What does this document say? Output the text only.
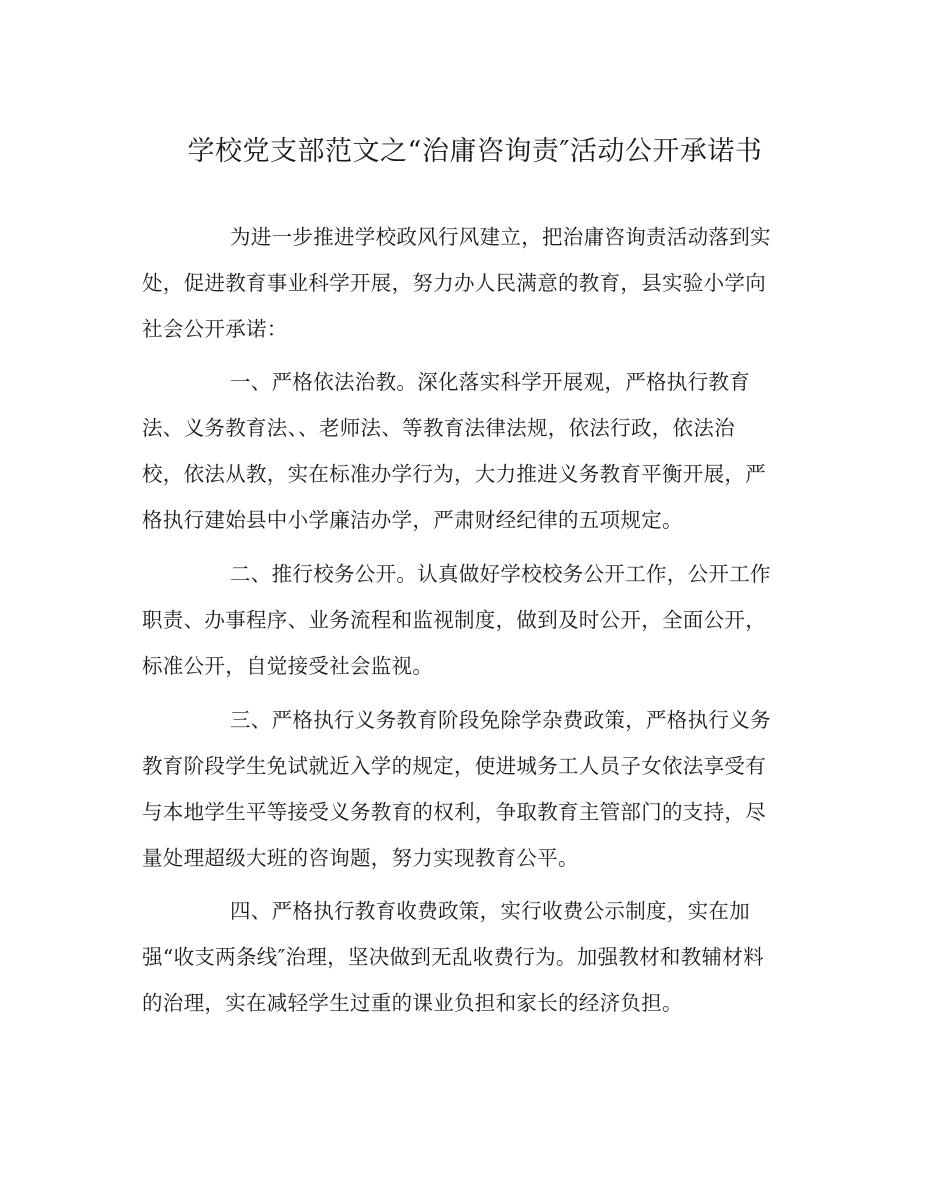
学校党支部范文之“治庸咨询责″活动公开承诺书
为进一步推进学校政风行风建立，把治庸咨询责活动落到实
处，促进教育事业科学开展，努力办人民满意的教育，县实验小学向
社会公开承诺：
一、严格依法治教。深化落实科学开展观，严格执行教育
法、义务教育法、、老师法、等教育法律法规，依法行政，依法治
校，依法从教，实在标准办学行为，大力推进义务教育平衡开展，严
格执行建始县中小学廉洁办学，严肃财经纪律的五项规定。
二、推行校务公开。认真做好学校校务公开工作，公开工作
职责、办事程序、业务流程和监视制度，做到及时公开，全面公开，
标准公开，自觉接受社会监视。
三、严格执行义务教育阶段免除学杂费政策，严格执行义务
教育阶段学生免试就近入学的规定，使进城务工人员子女依法享受有
与本地学生平等接受义务教育的权利，争取教育主管部门的支持，尽
量处理超级大班的咨询题，努力实现教育公平。
四、严格执行教育收费政策，实行收费公示制度，实在加
强“收支两条线″治理，坚决做到无乱收费行为。加强教材和教辅材料
的治理，实在减轻学生过重的课业负担和家长的经济负担。
